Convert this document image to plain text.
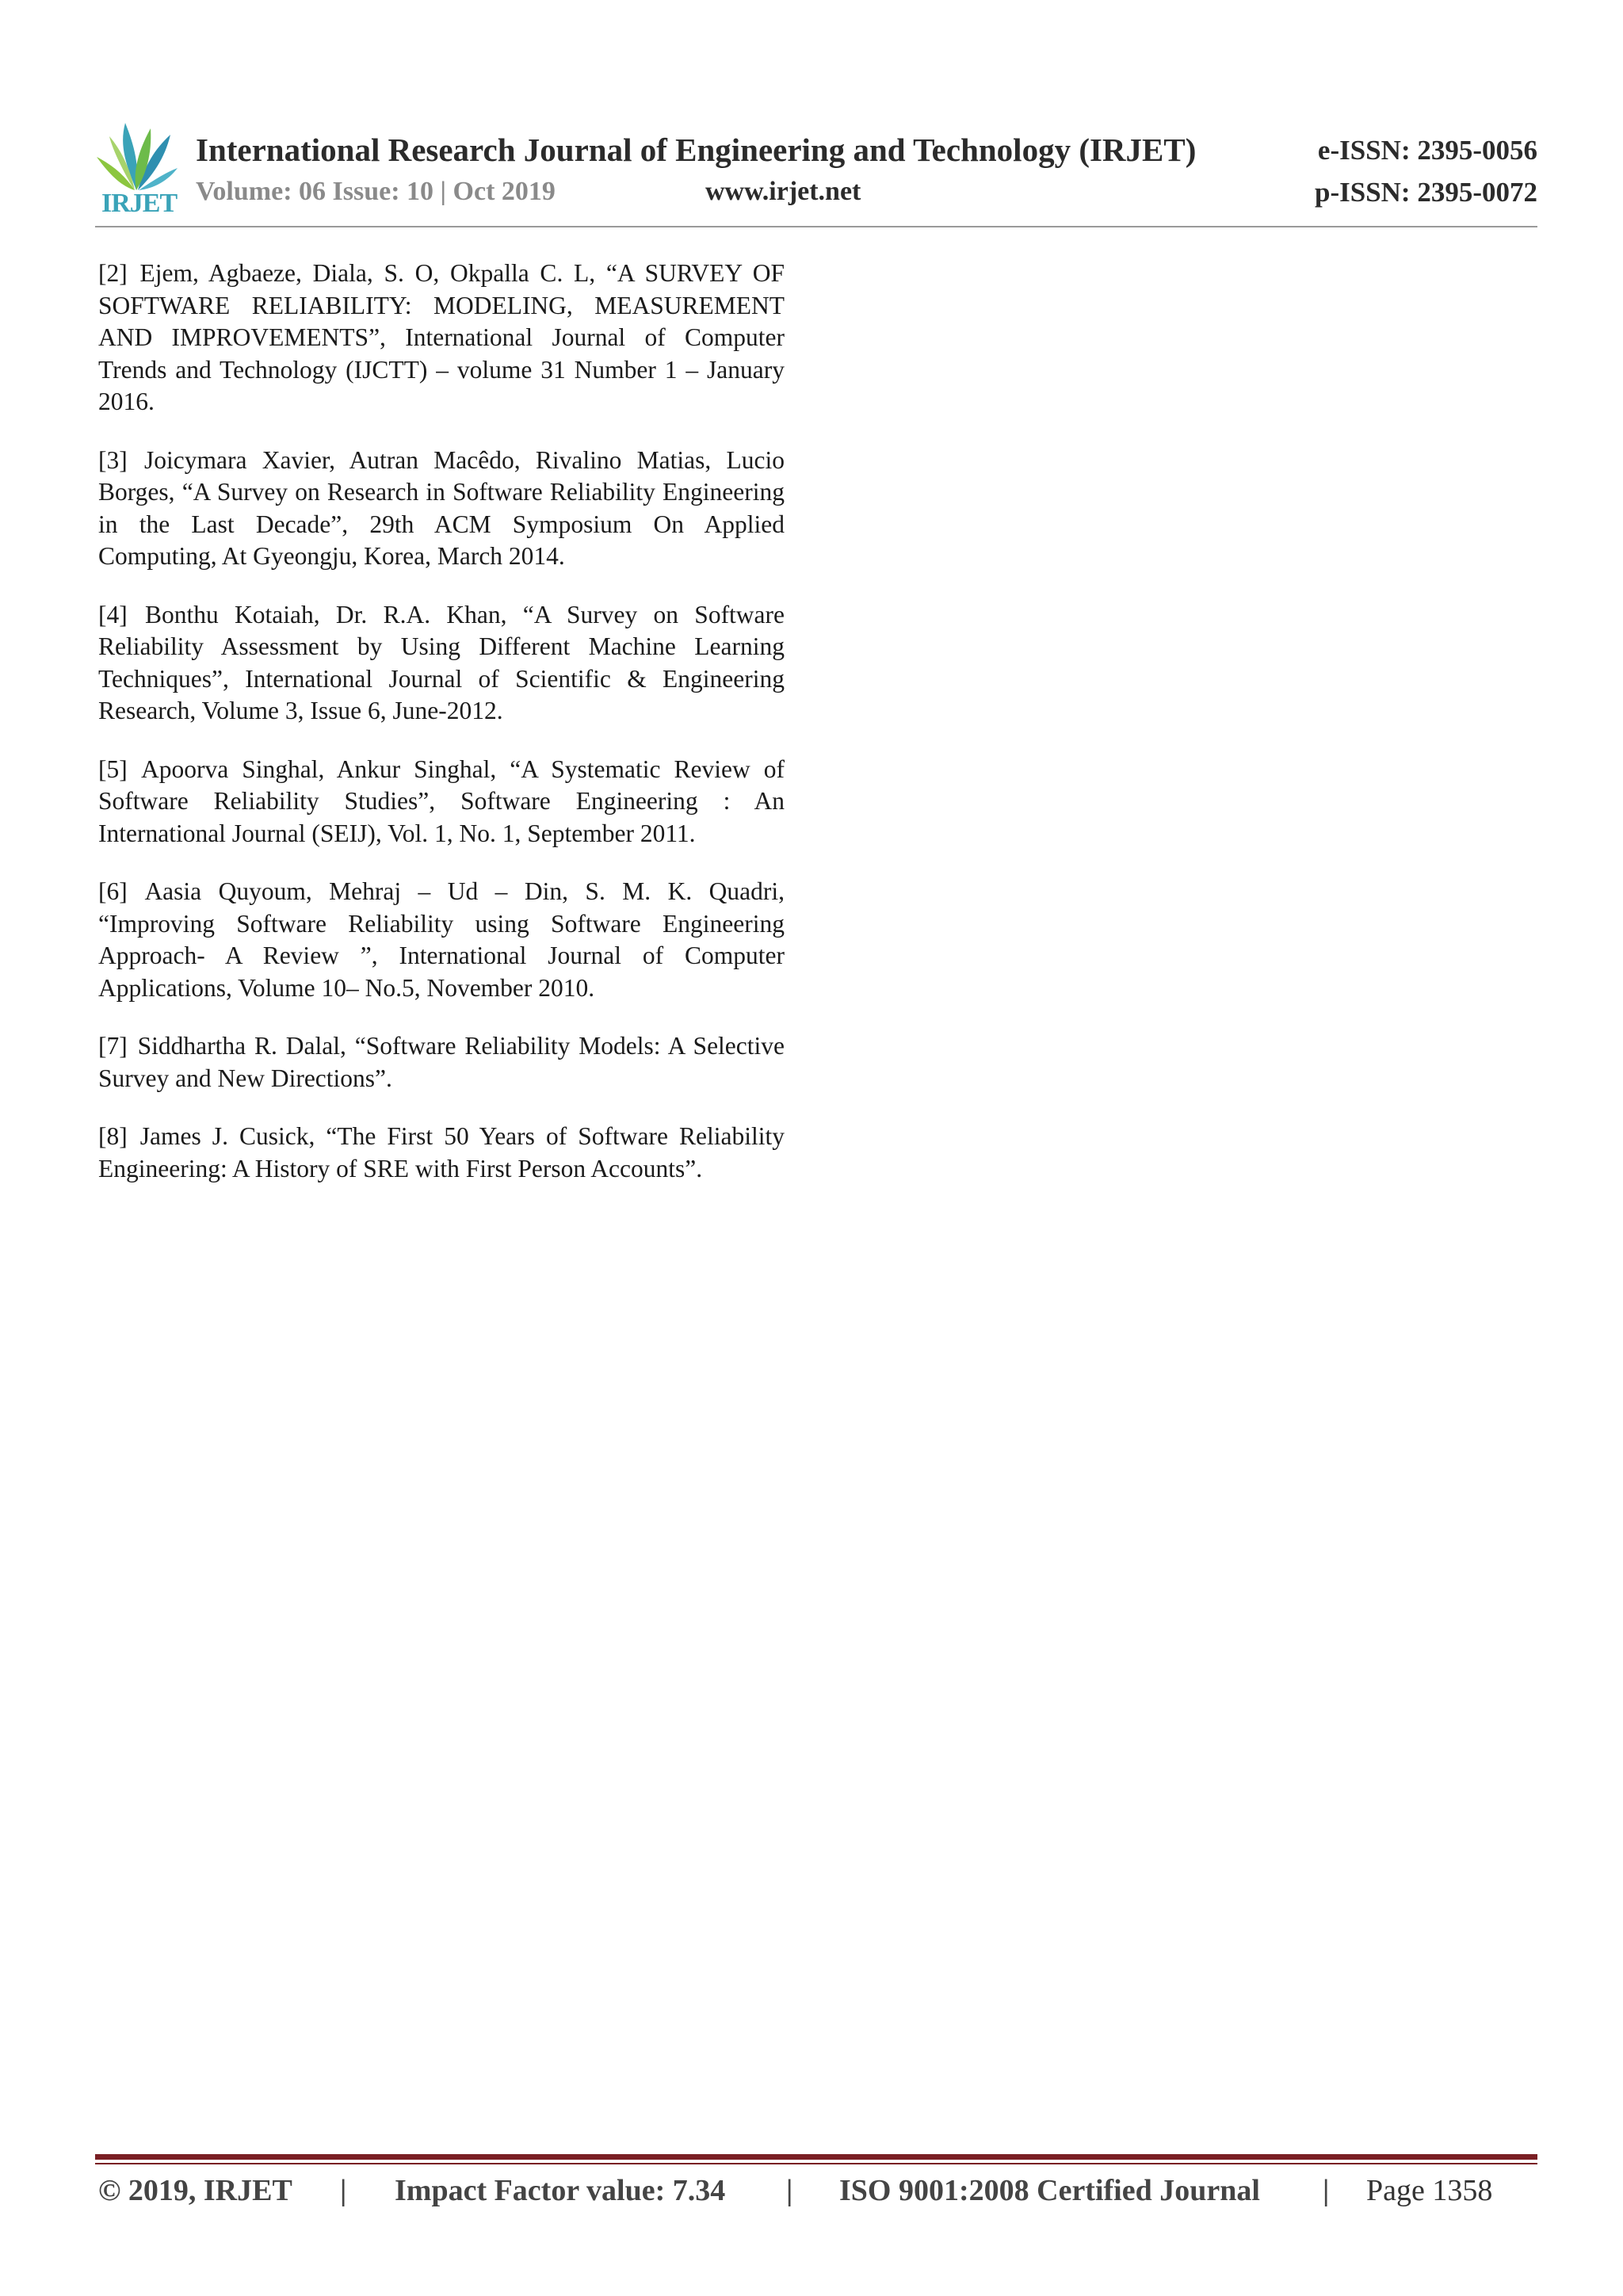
IRJET
International Research Journal of Engineering and Technology (IRJET)	e-ISSN: 2395-0056
Volume: 06 Issue: 10 | Oct 2019	www.irjet.net	p-ISSN: 2395-0072

[2] Ejem, Agbaeze, Diala, S. O, Okpalla C. L, “A SURVEY OF SOFTWARE RELIABILITY: MODELING, MEASUREMENT AND IMPROVEMENTS”, International Journal of Computer Trends and Technology (IJCTT) – volume 31 Number 1 – January 2016.

[3] Joicymara Xavier, Autran Macêdo, Rivalino Matias, Lucio Borges, “A Survey on Research in Software Reliability Engineering in the Last Decade”, 29th ACM Symposium On Applied Computing, At Gyeongju, Korea, March 2014.

[4] Bonthu Kotaiah, Dr. R.A. Khan, “A Survey on Software Reliability Assessment by Using Different Machine Learning Techniques”, International Journal of Scientific & Engineering Research, Volume 3, Issue 6, June-2012.

[5] Apoorva Singhal, Ankur Singhal, “A Systematic Review of Software Reliability Studies”, Software Engineering : An International Journal (SEIJ), Vol. 1, No. 1, September 2011.

[6] Aasia Quyoum, Mehraj – Ud – Din, S. M. K. Quadri, “Improving Software Reliability using Software Engineering Approach- A Review ”, International Journal of Computer Applications, Volume 10– No.5, November 2010.

[7] Siddhartha R. Dalal, “Software Reliability Models: A Selective Survey and New Directions”.

[8] James J. Cusick, “The First 50 Years of Software Reliability Engineering: A History of SRE with First Person Accounts”.

© 2019, IRJET | Impact Factor value: 7.34 | ISO 9001:2008 Certified Journal | Page 1358
